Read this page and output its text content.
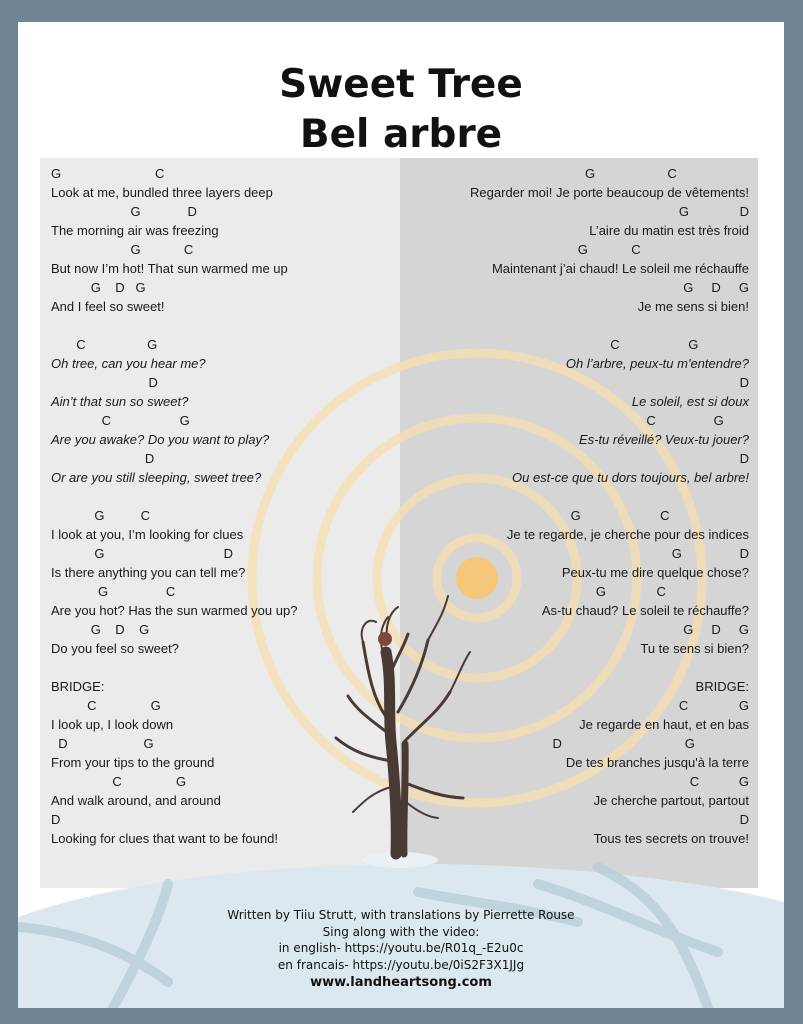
Sweet Tree
Bel arbre
G                          C
Look at me, bundled three layers deep
G             D
The morning air was freezing
G            C
But now I’m hot! That sun warmed me up
G    D   G
And I feel so sweet!
C                 G
Oh tree, can you hear me?
D
Ain’t that sun so sweet?
C                   G
Are you awake? Do you want to play?
D
Or are you still sleeping, sweet tree?
G          C
I look at you, I’m looking for clues
G                                 D
Is there anything you can tell me?
G                C
Are you hot? Has the sun warmed you up?
G    D    G
Do you feel so sweet?
BRIDGE:
C               G
I look up, I look down
D                     G
From your tips to the ground
C               G
And walk around, and around
D
Looking for clues that want to be found!
G                    C
Regarder moi! Je porte beaucoup de vêtements!
G              D
L’aire du matin est très froid
G            C
Maintenant j’ai chaud! Le soleil me réchauffe
G     D     G
Je me sens si bien!
C                   G
Oh l’arbre, peux-tu m'entendre?
D
Le soleil, est si doux
C                G
Es-tu réveillé? Veux-tu jouer?
D
Ou est-ce que tu dors toujours, bel arbre!
G                      C
Je te regarde, je cherche pour des indices
G                D
Peux-tu me dire quelque chose?
G              C
As-tu chaud? Le soleil te réchauffe?
G     D     G
Tu te sens si bien?
BRIDGE:
C              G
Je regarde en haut, et en bas
D                                  G
De tes branches jusqu'à la terre
C           G
Je cherche partout, partout
D
Tous tes secrets on trouve!
Written by Tiiu Strutt, with translations by Pierrette Rouse
Sing along with the video:
in english- https://youtu.be/R01q_-E2u0c
en francais- https://youtu.be/0iS2F3X1JJg
www.landheartsong.com
